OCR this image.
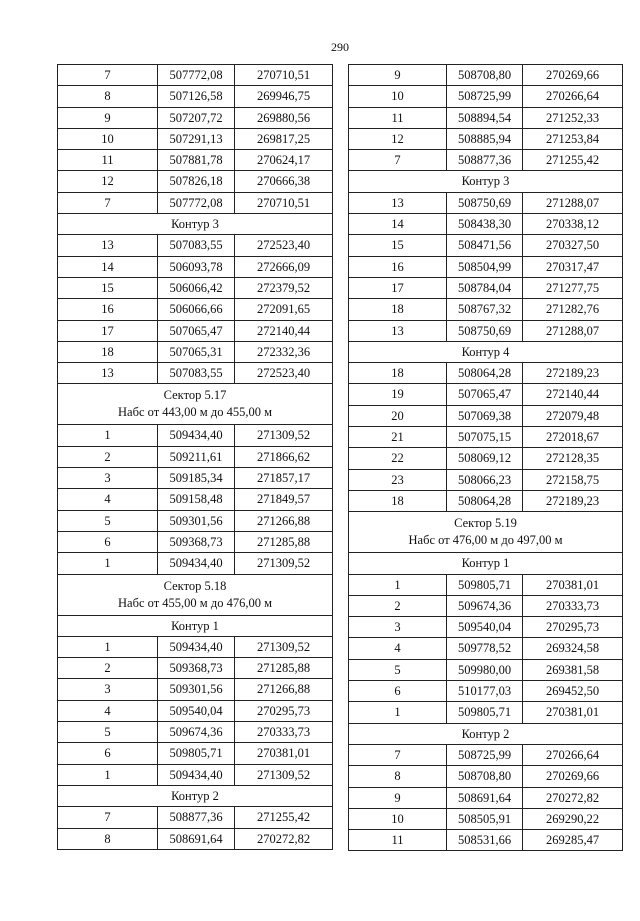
290
7	507772,08	270710,51
8	507126,58	269946,75
9	507207,72	269880,56
10	507291,13	269817,25
11	507881,78	270624,17
12	507826,18	270666,38
7	507772,08	270710,51
Контур 3		
13	507083,55	272523,40
14	506093,78	272666,09
15	506066,42	272379,52
16	506066,66	272091,65
17	507065,47	272140,44
18	507065,31	272332,36
13	507083,55	272523,40

Сектор 5.17
Набс от 443,00 м до 455,00 м		

1	509434,40	271309,52
2	509211,61	271866,62
3	509185,34	271857,17
4	509158,48	271849,57
5	509301,56	271266,88
6	509368,73	271285,88
1	509434,40	271309,52

Сектор 5.18
Набс от 455,00 м до 476,00 м		

Контур 1		
1	509434,40	271309,52
2	509368,73	271285,88
3	509301,56	271266,88
4	509540,04	270295,73
5	509674,36	270333,73
6	509805,71	270381,01
1	509434,40	271309,52
Контур 2		
7	508877,36	271255,42
8	508691,64	270272,82
9	508708,80	270269,66
10	508725,99	270266,64
11	508894,54	271252,33
12	508885,94	271253,84
7	508877,36	271255,42
Контур 3		
13	508750,69	271288,07
14	508438,30	270338,12
15	508471,56	270327,50
16	508504,99	270317,47
17	508784,04	271277,75
18	508767,32	271282,76
13	508750,69	271288,07
Контур 4		
18	508064,28	272189,23
19	507065,47	272140,44
20	507069,38	272079,48
21	507075,15	272018,67
22	508069,12	272128,35
23	508066,23	272158,75
18	508064,28	272189,23

Сектор 5.19
Набс от 476,00 м до 497,00 м		

Контур 1		
1	509805,71	270381,01
2	509674,36	270333,73
3	509540,04	270295,73
4	509778,52	269324,58
5	509980,00	269381,58
6	510177,03	269452,50
1	509805,71	270381,01
Контур 2		
7	508725,99	270266,64
8	508708,80	270269,66
9	508691,64	270272,82
10	508505,91	269290,22
11	508531,66	269285,47
